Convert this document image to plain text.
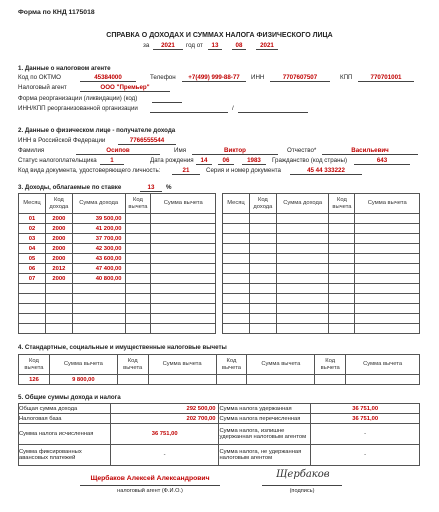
Форма по КНД 1175018
СПРАВКА О ДОХОДАХ И СУММАХ НАЛОГА ФИЗИЧЕСКОГО ЛИЦА
за	2021	год от	13	08	2021
1. Данные о налоговом агенте
Код по ОКТМО	45384000	Телефон	+7(499) 999-88-77	ИНН	7707607507	КПП	770701001
Налоговый агент	ООО "Премьер"
Форма реорганизации (ликвидации) (код)
ИНН/КПП реорганизованной организации	/
2. Данные о физическом лице - получателе дохода
ИНН в Российской Федерации	7766555544
Фамилия	Осипов	Имя	Виктор	Отчество*	Васильевич
Статус налогоплательщика	1	Дата рождения	14	06	1983	Гражданство (код страны)	643
Код вида документа, удостоверяющего личность:	21	Серия и номер документа	45 44 333222
3. Доходы, облагаемые по ставке	13	%
Месяц	Код дохода	Сумма дохода	Код вычета	Сумма вычета
01	2000	39 500,00		
02	2000	41 200,00		
03	2000	37 700,00		
04	2000	42 300,00		
05	2000	43 600,00		
06	2012	47 400,00		
07	2000	40 800,00		

Месяц	Код дохода	Сумма дохода	Код вычета	Сумма вычета

4. Стандартные, социальные и имущественные налоговые вычеты
Код вычета	Сумма вычета	Код вычета	Сумма вычета	Код вычета	Сумма вычета	Код вычета	Сумма вычета
126	9 800,00						
5. Общие суммы дохода и налога
Общая сумма дохода	292 500,00	Сумма налога удержанная	36 751,00
Налоговая база	202 700,00	Сумма налога перечисленная	36 751,00
Сумма налога исчисленная	36 751,00	Сумма налога, излишне удержанная налоговым агентом	-
Сумма фиксированных авансовых платежей	-	Сумма налога, не удержанная налоговым агентом	-
Щербаков Алексей Александрович
налоговый агент (Ф.И.О.)
Щербаков
(подпись)
